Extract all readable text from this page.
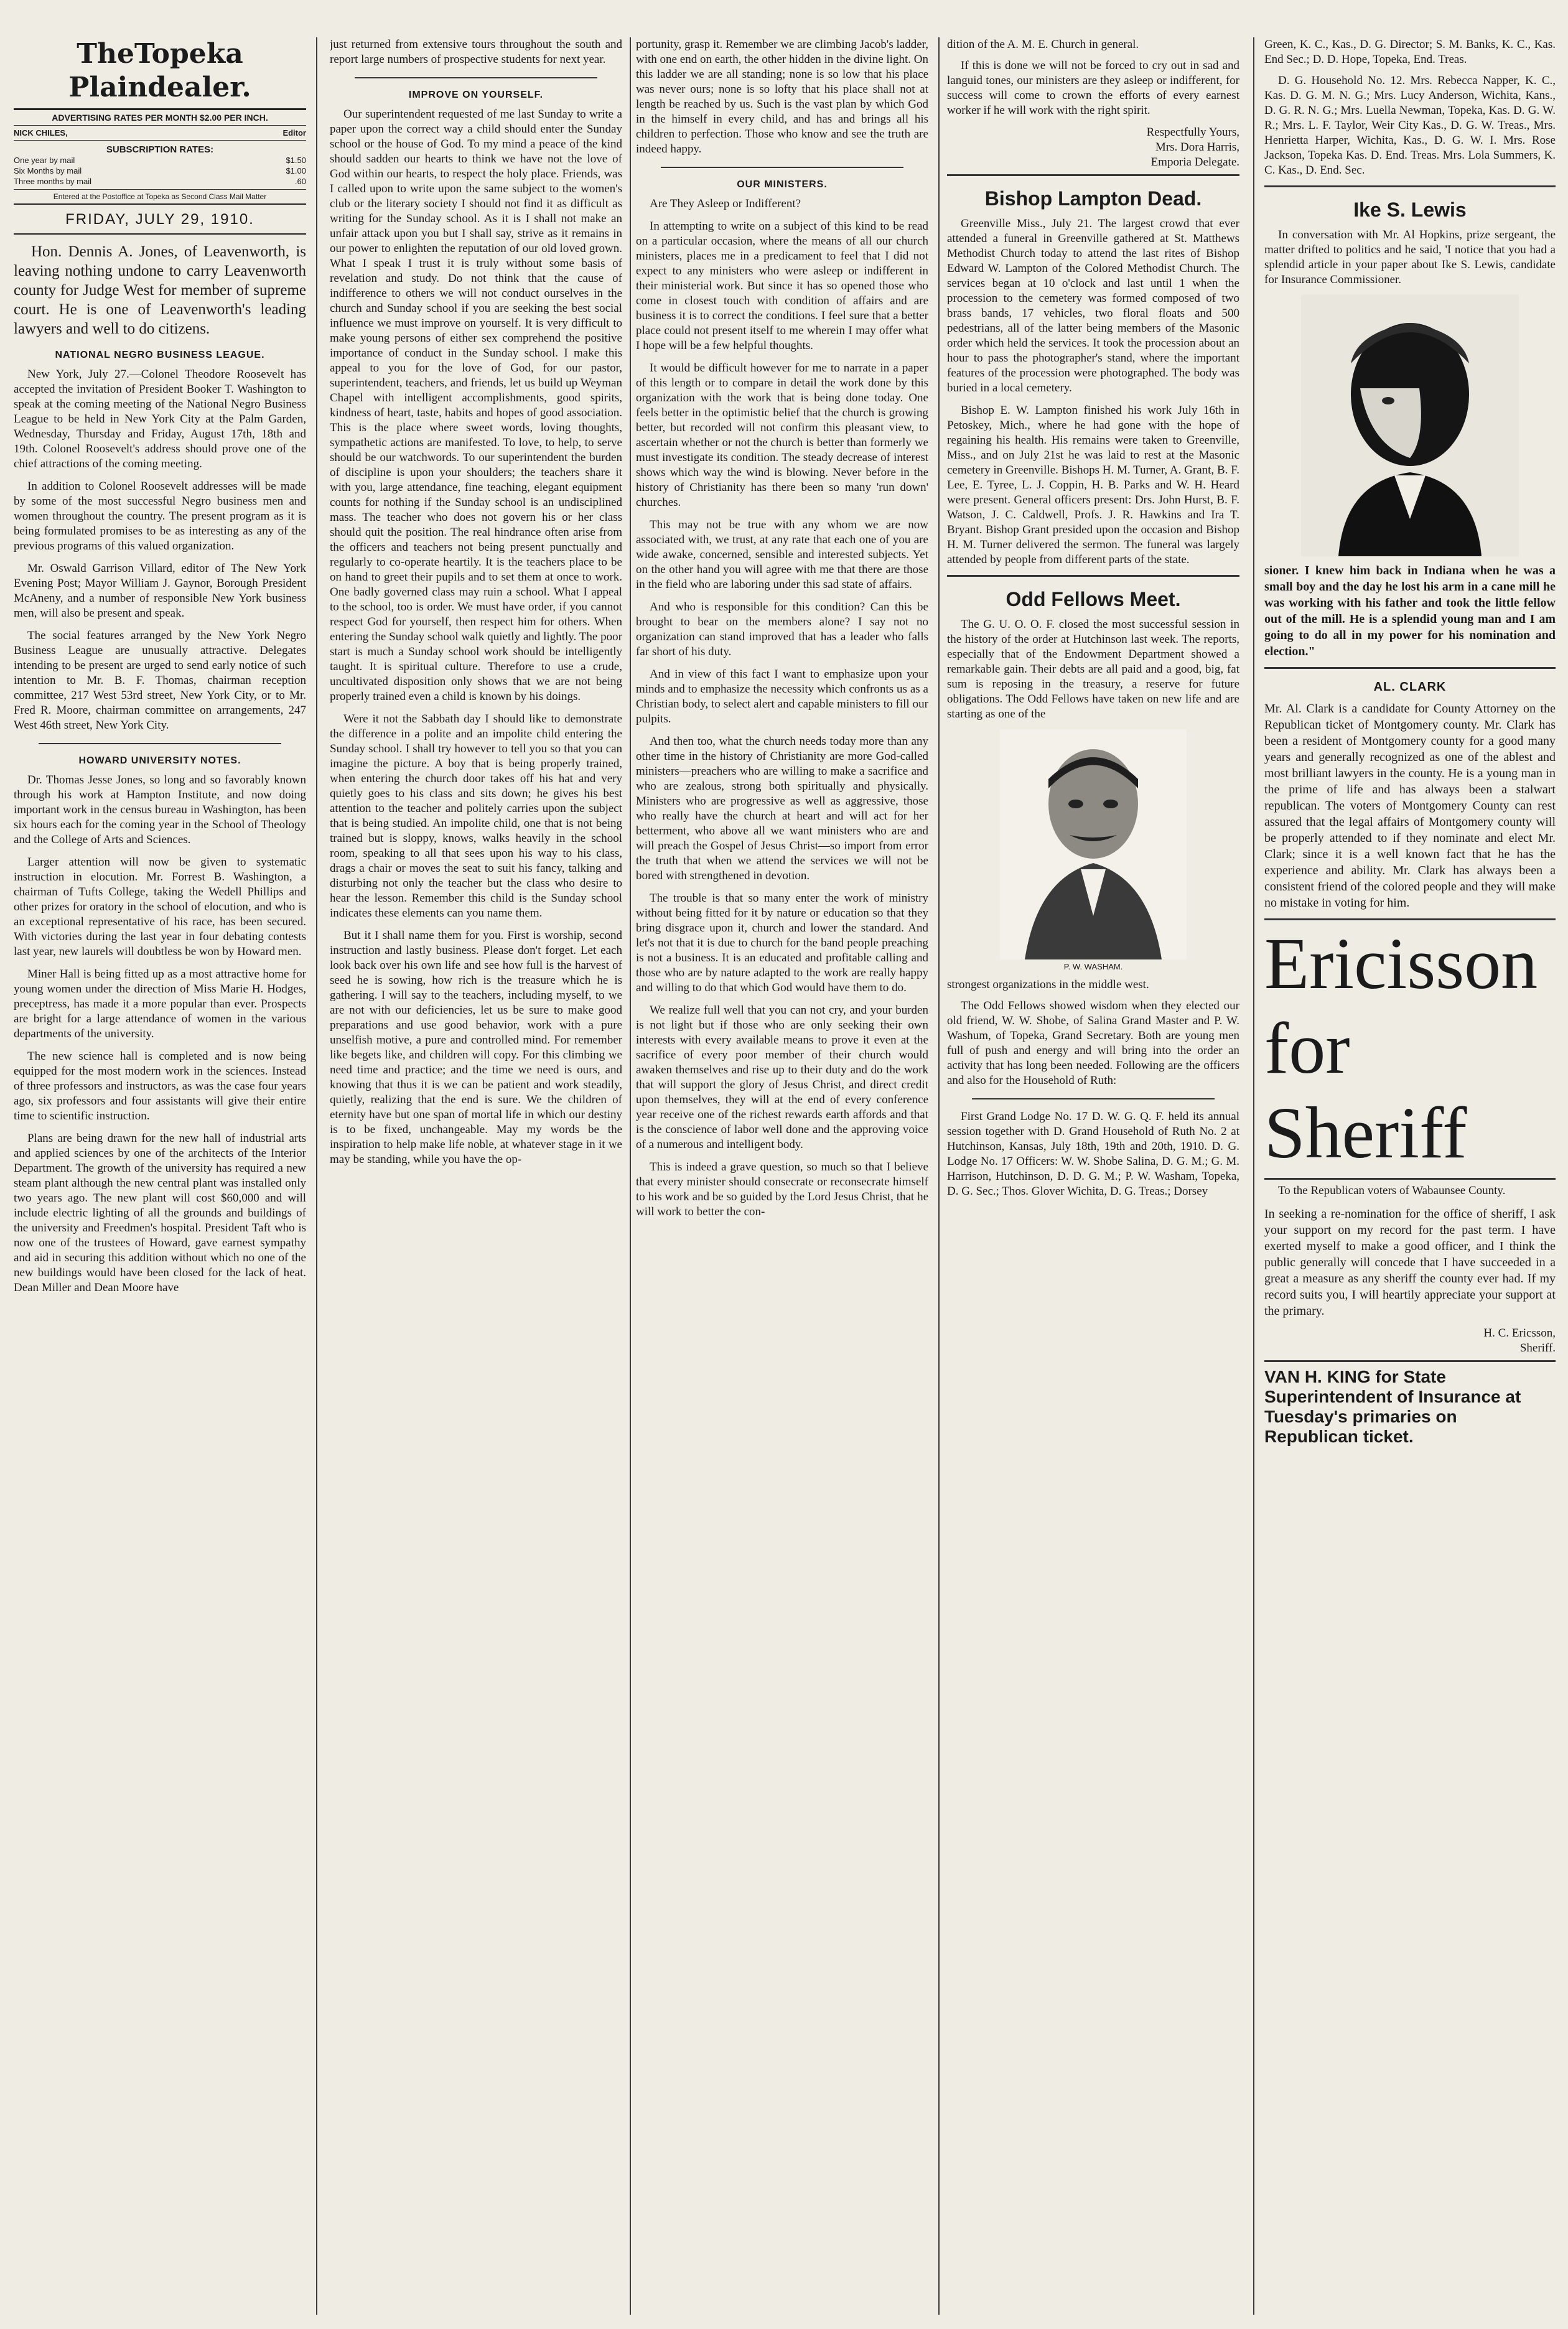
TheTopeka Plaindealer.
ADVERTISING RATES PER MONTH $2.00 PER INCH.
NICK CHILES,	Editor
SUBSCRIPTION RATES:
One year by mail	$1.50
Six Months by mail	$1.00
Three months by mail	.60
Entered at the Postoffice at Topeka as Second Class Mail Matter
FRIDAY, JULY 29, 1910.

Hon. Dennis A. Jones, of Leavenworth, is leaving nothing undone to carry Leavenworth county for Judge West for member of supreme court. He is one of Leavenworth's leading lawyers and well to do citizens.

NATIONAL NEGRO BUSINESS LEAGUE.

New York, July 27.—Colonel Theodore Roosevelt has accepted the invitation of President Booker T. Washington to speak at the coming meeting of the National Negro Business League to be held in New York City at the Palm Garden, Wednesday, Thursday and Friday, August 17th, 18th and 19th. Colonel Roosevelt's address should prove one of the chief attractions of the coming meeting.

In addition to Colonel Roosevelt addresses will be made by some of the most successful Negro business men and women throughout the country. The present program as it is being formulated promises to be as interesting as any of the previous programs of this valued organization.

Mr. Oswald Garrison Villard, editor of The New York Evening Post; Mayor William J. Gaynor, Borough President McAneny, and a number of responsible New York business men, will also be present and speak.

The social features arranged by the New York Negro Business League are unusually attractive. Delegates intending to be present are urged to send early notice of such intention to Mr. B. F. Thomas, chairman reception committee, 217 West 53rd street, New York City, or to Mr. Fred R. Moore, chairman committee on arrangements, 247 West 46th street, New York City.

HOWARD UNIVERSITY NOTES.

Dr. Thomas Jesse Jones, so long and so favorably known through his work at Hampton Institute, and now doing important work in the census bureau in Washington, has been six hours each for the coming year in the School of Theology and the College of Arts and Sciences.

Larger attention will now be given to systematic instruction in elocution. Mr. Forrest B. Washington, a chairman of Tufts College, taking the Wedell Phillips and other prizes for oratory in the school of elocution, and who is an exceptional representative of his race, has been secured. With victories during the last year in four debating contests last year, new laurels will doubtless be won by Howard men.

Miner Hall is being fitted up as a most attractive home for young women under the direction of Miss Marie H. Hodges, preceptress, has made it a more popular than ever. Prospects are bright for a large attendance of women in the various departments of the university.

The new science hall is completed and is now being equipped for the most modern work in the sciences. Instead of three professors and instructors, as was the case four years ago, six professors and four assistants will give their entire time to scientific instruction.

Plans are being drawn for the new hall of industrial arts and applied sciences by one of the architects of the Interior Department. The growth of the university has required a new steam plant although the new central plant was installed only two years ago. The new plant will cost $60,000 and will include electric lighting of all the grounds and buildings of the university and Freedmen's hospital. President Taft who is now one of the trustees of Howard, gave earnest sympathy and aid in securing this addition without which no one of the new buildings would have been closed for the lack of heat. Dean Miller and Dean Moore have

just returned from extensive tours throughout the south and report large numbers of prospective students for next year.

IMPROVE ON YOURSELF.

Our superintendent requested of me last Sunday to write a paper upon the correct way a child should enter the Sunday school or the house of God. To my mind a peace of the kind should sadden our hearts to think we have not the love of God within our hearts, to respect the holy place. Friends, was I called upon to write upon the same subject to the women's club or the literary society I should not find it as difficult as writing for the Sunday school. As it is I shall not make an unfair attack upon you but I shall say, strive as it remains in our power to enlighten the reputation of our old loved grown. What I speak I trust it is truly without some basis of revelation and study. Do not think that the cause of indifference to others we will not conduct ourselves in the church and Sunday school if you are seeking the best social influence we must improve on yourself. It is very difficult to make young persons of either sex comprehend the positive importance of conduct in the Sunday school. I make this appeal to you for the love of God, for our pastor, superintendent, teachers, and friends, let us build up Weyman Chapel with intelligent accomplishments, good spirits, kindness of heart, taste, habits and hopes of good association. This is the place where sweet words, loving thoughts, sympathetic actions are manifested. To love, to help, to serve should be our watchwords. To our superintendent the burden of discipline is upon your shoulders; the teachers share it with you, large attendance, fine teaching, elegant equipment counts for nothing if the Sunday school is an undisciplined mass. The teacher who does not govern his or her class should quit the position. The real hindrance often arise from the officers and teachers not being present punctually and regularly to co-operate heartily. It is the teachers place to be on hand to greet their pupils and to set them at once to work. One badly governed class may ruin a school. What I appeal to the school, too is order. We must have order, if you cannot respect God for yourself, then respect him for others. When entering the Sunday school walk quietly and lightly. The poor start is much a Sunday school work should be intelligently taught. It is spiritual culture. Therefore to use a crude, uncultivated disposition only shows that we are not being properly trained even a child is known by his doings.

Were it not the Sabbath day I should like to demonstrate the difference in a polite and an impolite child entering the Sunday school. I shall try however to tell you so that you can imagine the picture. A boy that is being properly trained, when entering the church door takes off his hat and very quietly goes to his class and sits down; he gives his best attention to the teacher and politely carries upon the subject that is being studied. An impolite child, one that is not being trained but is sloppy, knows, walks heavily in the school room, speaking to all that sees upon his way to his class, drags a chair or moves the seat to suit his fancy, talking and disturbing not only the teacher but the class who desire to hear the lesson. Remember this child is the Sunday school indicates these elements can you name them.

But it I shall name them for you. First is worship, second instruction and lastly business. Please don't forget. Let each look back over his own life and see how full is the harvest of seed he is sowing, how rich is the treasure which he is gathering. I will say to the teachers, including myself, to we are not with our deficiencies, let us be sure to make good preparations and use good behavior, work with a pure unselfish motive, a pure and controlled mind. For remember like begets like, and children will copy. For this climbing we need time and practice; and the time we need is ours, and knowing that thus it is we can be patient and work steadily, quietly, realizing that the end is sure. We the children of eternity have but one span of mortal life in which our destiny is to be fixed, unchangeable. May my words be the inspiration to help make life noble, at whatever stage in it we may be standing, while you have the op-

portunity, grasp it. Remember we are climbing Jacob's ladder, with one end on earth, the other hidden in the divine light. On this ladder we are all standing; none is so low that his place was never ours; none is so lofty that his place shall not at length be reached by us. Such is the vast plan by which God in the himself in every child, and has and brings all his children to perfection. Those who know and see the truth are indeed happy.

OUR MINISTERS.

Are They Asleep or Indifferent?

In attempting to write on a subject of this kind to be read on a particular occasion, where the means of all our church ministers, places me in a predicament to feel that I did not expect to any ministers who were asleep or indifferent in their ministerial work. But since it has so opened those who come in closest touch with condition of affairs and are business it is to correct the conditions. I feel sure that a better place could not present itself to me wherein I may offer what I hope will be a few helpful thoughts.

It would be difficult however for me to narrate in a paper of this length or to compare in detail the work done by this organization with the work that is being done today. One feels better in the optimistic belief that the church is growing better, but recorded will not confirm this pleasant view, to ascertain whether or not the church is better than formerly we must investigate its condition. The steady decrease of interest shows which way the wind is blowing. Never before in the history of Christianity has there been so many 'run down' churches.

This may not be true with any whom we are now associated with, we trust, at any rate that each one of you are wide awake, concerned, sensible and interested subjects. Yet on the other hand you will agree with me that there are those in the field who are laboring under this sad state of affairs.

And who is responsible for this condition? Can this be brought to bear on the members alone? I say not no organization can stand improved that has a leader who falls far short of his duty.

And in view of this fact I want to emphasize upon your minds and to emphasize the necessity which confronts us as a Christian body, to select alert and capable ministers to fill our pulpits.

And then too, what the church needs today more than any other time in the history of Christianity are more God-called ministers—preachers who are willing to make a sacrifice and who are zealous, strong both spiritually and physically. Ministers who are progressive as well as aggressive, those who really have the church at heart and will act for her betterment, who above all we want ministers who are and will preach the Gospel of Jesus Christ—so import from error the truth that when we attend the services we will not be bored with strengthened in devotion.

The trouble is that so many enter the work of ministry without being fitted for it by nature or education so that they bring disgrace upon it, church and lower the standard. And let's not that it is due to church for the band people preaching is not a business. It is an educated and profitable calling and those who are by nature adapted to the work are really happy and willing to do that which God would have them to do.

We realize full well that you can not cry, and your burden is not light but if those who are only seeking their own interests with every available means to prove it even at the sacrifice of every poor member of their church would awaken themselves and rise up to their duty and do the work that will support the glory of Jesus Christ, and direct credit upon themselves, they will at the end of every conference year receive one of the richest rewards earth affords and that is the conscience of labor well done and the approving voice of a numerous and intelligent body.

This is indeed a grave question, so much so that I believe that every minister should consecrate or reconsecrate himself to his work and be so guided by the Lord Jesus Christ, that he will work to better the con-

dition of the A. M. E. Church in general.

If this is done we will not be forced to cry out in sad and languid tones, our ministers are they asleep or indifferent, for success will come to crown the efforts of every earnest worker if he will work with the right spirit.

Respectfully Yours,
Mrs. Dora Harris,
Emporia Delegate.
Bishop Lampton Dead.

Greenville Miss., July 21. The largest crowd that ever attended a funeral in Greenville gathered at St. Matthews Methodist Church today to attend the last rites of Bishop Edward W. Lampton of the Colored Methodist Church. The services began at 10 o'clock and last until 1 when the procession to the cemetery was formed composed of two brass bands, 17 vehicles, two floral floats and 500 pedestrians, all of the latter being members of the Masonic order which held the services. It took the procession about an hour to pass the photographer's stand, where the important features of the procession were photographed. The body was buried in a local cemetery.

Bishop E. W. Lampton finished his work July 16th in Petoskey, Mich., where he had gone with the hope of regaining his health. His remains were taken to Greenville, Miss., and on July 21st he was laid to rest at the Masonic cemetery in Greenville. Bishops H. M. Turner, A. Grant, B. F. Lee, E. Tyree, L. J. Coppin, H. B. Parks and W. H. Heard were present. General officers present: Drs. John Hurst, B. F. Watson, J. C. Caldwell, Profs. J. R. Hawkins and Ira T. Bryant. Bishop Grant presided upon the occasion and Bishop H. M. Turner delivered the sermon. The funeral was largely attended by people from different parts of the state.

Odd Fellows Meet.

The G. U. O. O. F. closed the most successful session in the history of the order at Hutchinson last week. The reports, especially that of the Endowment Department showed a remarkable gain. Their debts are all paid and a good, big, fat sum is reposing in the treasury, a reserve for future obligations. The Odd Fellows have taken on new life and are starting as one of the

P. W. WASHAM.

strongest organizations in the middle west.

The Odd Fellows showed wisdom when they elected our old friend, W. W. Shobe, of Salina Grand Master and P. W. Washum, of Topeka, Grand Secretary. Both are young men full of push and energy and will bring into the order an activity that has long been needed. Following are the officers and also for the Household of Ruth:

First Grand Lodge No. 17 D. W. G. Q. F. held its annual session together with D. Grand Household of Ruth No. 2 at Hutchinson, Kansas, July 18th, 19th and 20th, 1910. D. G. Lodge No. 17 Officers: W. W. Shobe Salina, D. G. M.; G. M. Harrison, Hutchinson, D. D. G. M.; P. W. Washam, Topeka, D. G. Sec.; Thos. Glover Wichita, D. G. Treas.; Dorsey

Green, K. C., Kas., D. G. Director; S. M. Banks, K. C., Kas. End Sec.; D. D. Hope, Topeka, End. Treas.

D. G. Household No. 12. Mrs. Rebecca Napper, K. C., Kas. D. G. M. N. G.; Mrs. Lucy Anderson, Wichita, Kans., D. G. R. N. G.; Mrs. Luella Newman, Topeka, Kas. D. G. W. R.; Mrs. L. F. Taylor, Weir City Kas., D. G. W. Treas., Mrs. Henrietta Harper, Wichita, Kas., D. G. W. I. Mrs. Rose Jackson, Topeka Kas. D. End. Treas. Mrs. Lola Summers, K. C. Kas., D. End. Sec.

Ike S. Lewis

In conversation with Mr. Al Hopkins, prize sergeant, the matter drifted to politics and he said, 'I notice that you had a splendid article in your paper about Ike S. Lewis, candidate for Insurance Commissioner.

sioner. I knew him back in Indiana when he was a small boy and the day he lost his arm in a cane mill he was working with his father and took the little fellow out of the mill. He is a splendid young man and I am going to do all in my power for his nomination and election."

AL. CLARK

Mr. Al. Clark is a candidate for County Attorney on the Republican ticket of Montgomery county. Mr. Clark has been a resident of Montgomery county for a good many years and generally recognized as one of the ablest and most brilliant lawyers in the county. He is a young man in the prime of life and has always been a stalwart republican. The voters of Montgomery County can rest assured that the legal affairs of Montgomery county will be properly attended to if they nominate and elect Mr. Clark; since it is a well known fact that he has the experience and ability. Mr. Clark has always been a consistent friend of the colored people and they will make no mistake in voting for him.

Ericisson
for
Sheriff

To the Republican voters of Wabaunsee County.

In seeking a re-nomination for the office of sheriff, I ask your support on my record for the past term. I have exerted myself to make a good officer, and I think the public generally will concede that I have succeeded in a great a measure as any sheriff the county ever had. If my record suits you, I will heartily appreciate your support at the primary.

H. C. Ericsson,
Sheriff.
VAN H. KING for State Superintendent of Insurance at Tuesday's primaries on Republican ticket.
